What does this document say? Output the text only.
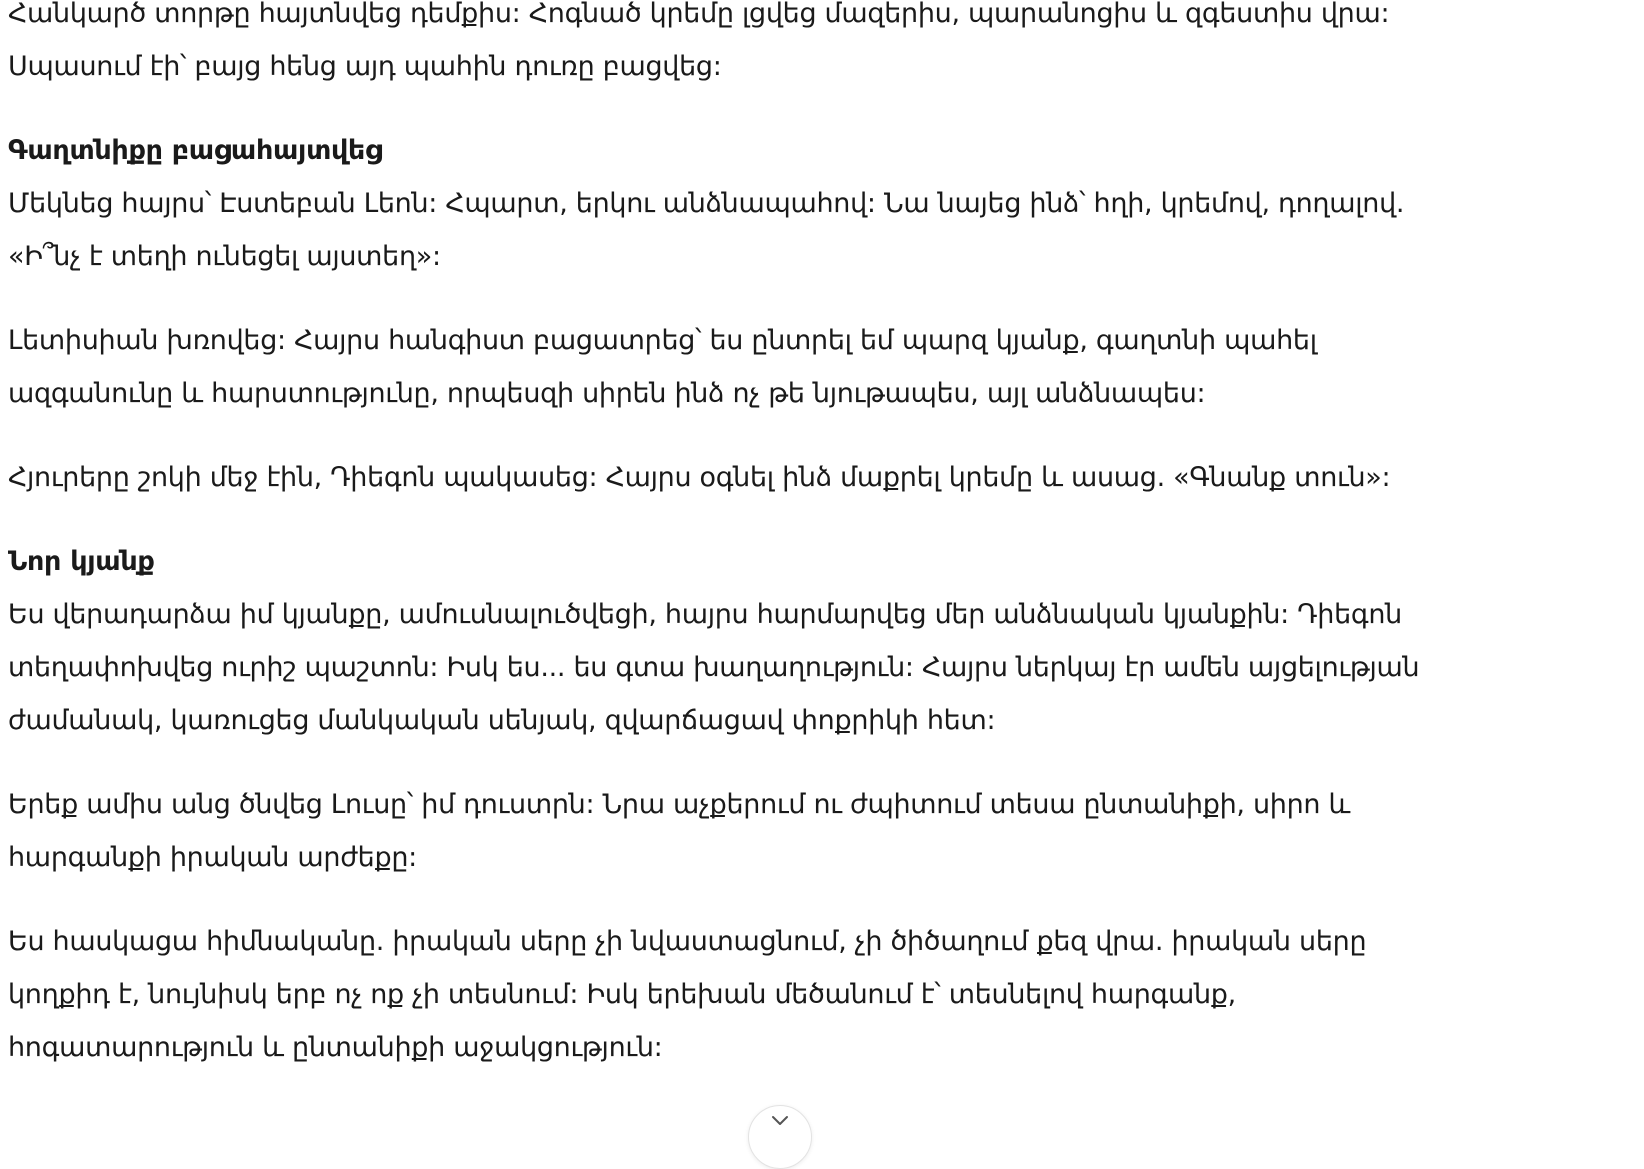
Հանկարծ տորթը հայտնվեց դեմքիս: Հոգնած կրեմը լցվեց մազերիս, պարանոցիս և զգեստիս վրա:
Սպասում էի՝ բայց հենց այդ պահին դուռը բացվեց:

Գաղտնիքը բացահայտվեց

Մեկնեց հայրս՝ Էստեբան Լեոն: Հպարտ, երկու անձնապահով: Նա նայեց ինձ՝ հղի, կրեմով, դողալով.
«Ի՞նչ է տեղի ունեցել այստեղ»:

Լետիսիան խռովեց: Հայրս հանգիստ բացատրեց՝ ես ընտրել եմ պարզ կյանք, գաղտնի պահել
ազգանունը և հարստությունը, որպեսզի սիրեն ինձ ոչ թե նյութապես, այլ անձնապես:

Հյուրերը շոկի մեջ էին, Դիեգոն պակասեց: Հայրս օգնել ինձ մաքրել կրեմը և ասաց. «Գնանք տուն»:

Նոր կյանք

Ես վերադարձա իմ կյանքը, ամուսնալուծվեցի, հայրս հարմարվեց մեր անձնական կյանքին: Դիեգոն
տեղափոխվեց ուրիշ պաշտոն: Իսկ ես... ես գտա խաղաղություն: Հայրս ներկայ էր ամեն այցելության
ժամանակ, կառուցեց մանկական սենյակ, զվարճացավ փոքրիկի հետ:

Երեք ամիս անց ծնվեց Լուսը՝ իմ դուստրն: Նրա աչքերում ու ժպիտում տեսա ընտանիքի, սիրո և
հարգանքի իրական արժեքը:

Ես հասկացա հիմնականը. իրական սերը չի նվաստացնում, չի ծիծաղում քեզ վրա. իրական սերը
կողքիդ է, նույնիսկ երբ ոչ ոք չի տեսնում: Իսկ երեխան մեծանում է՝ տեսնելով հարգանք,
հոգատարություն և ընտանիքի աջակցություն:
